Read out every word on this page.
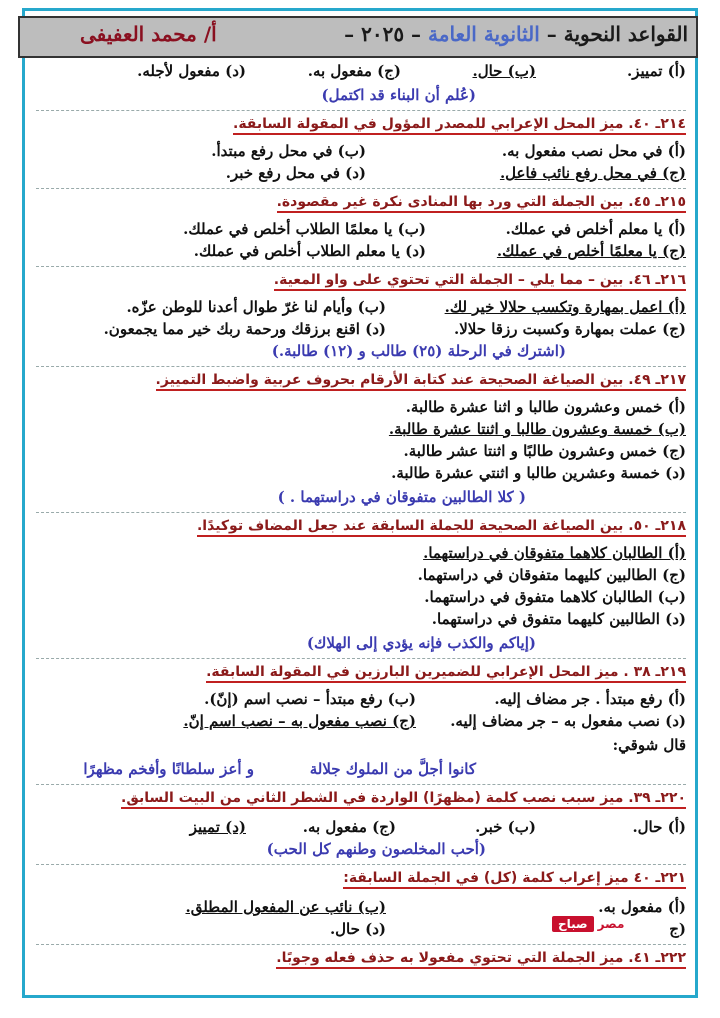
القواعد النحوية – الثانوية العامة – ٢٠٢٥ –
أ/ محمد العفيفى
(أ) تمييز.
(ب) حال.
(ج) مفعول به.
(د) مفعول لأجله.
(عُلم أن البناء قد اكتمل)
٢١٤ـ ٤٠. ميز المحل الإعرابي للمصدر المؤول في المقولة السابقة.
(أ) في محل نصب مفعول به.
(ب) في محل رفع مبتدأ.
(ج) في محل رفع نائب فاعل.
(د) في محل رفع خبر.
٢١٥ـ ٤٥. بين الجملة التي ورد بها المنادى نكرة غير مقصودة.
(أ) يا معلم أخلص في عملك.
(ب) يا معلمًا الطلاب أخلص في عملك.
(ج) يا معلمًا أخلص في عملك.
(د) يا معلم الطلاب أخلص في عملك.
٢١٦ـ ٤٦. بين – مما يلي – الجملة التي تحتوي على واو المعية.
(أ) اعمل بمهارة وتكسب حلالا خير لك.
(ب) وأيام لنا غرّ طوال أعدنا للوطن عزّه.
(ج) عملت بمهارة وكسبت رزقا حلالا.
(د) اقنع برزقك ورحمة ربك خير مما يجمعون.
(اشترك في الرحلة (٢٥) طالب و (١٢) طالبة.)
٢١٧ـ ٤٩. بين الصياغة الصحيحة عند كتابة الأرقام بحروف عربية واضبط التمييز.
(أ) خمس وعشرون طالبا و اثنا عشرة طالبة.
(ب) خمسة وعشرون طالبا و اثنتا عشرة طالبة.
(ج) خمس وعشرون طالبًا و اثنتا عشر طالبة.
(د) خمسة وعشرين طالبا و اثنتي عشرة طالبة.
( كلا الطالبين متفوقان في دراستهما . )
٢١٨ـ ٥٠. بين الصياغة الصحيحة للجملة السابقة عند جعل المضاف توكيدًا.
(أ) الطالبان كلاهما متفوقان في دراستهما.
(ج) الطالبين كليهما متفوقان في دراستهما.
(ب) الطالبان كلاهما متفوق في دراستهما.
(د) الطالبين كليهما متفوق في دراستهما.
(إياكم والكذب فإنه يؤدي إلى الهلاك)
٢١٩ـ ٣٨ . ميز المحل الإعرابي للضميرين البارزين في المقولة السابقة.
(أ) رفع مبتدأ . جر مضاف إليه.
(ب) رفع مبتدأ – نصب اسم (إنّ).
(د) نصب مفعول به – جر مضاف إليه.
(ج) نصب مفعول به – نصب اسم إنّ.
قال شوقي:
كانوا أجلَّ من الملوك جلالة
و أعز سلطانًا وأفخم مظهرًا
٢٢٠ـ ٣٩. ميز سبب نصب كلمة (مظهرًا) الواردة في الشطر الثاني من البيت السابق.
(أ) حال.
(ب) خبر.
(ج) مفعول به.
(د) تمييز
(أحب المخلصون وطنهم كل الحب)
٢٢١ـ ٤٠ ميز إعراب كلمة (كل) في الجملة السابقة:
(أ) مفعول به.
(ب) نائب عن المفعول المطلق.
(ج
(د) حال.
٢٢٢ـ ٤١. ميز الجملة التي تحتوي مفعولا به حذف فعله وجوبًا.
صباح مصر
